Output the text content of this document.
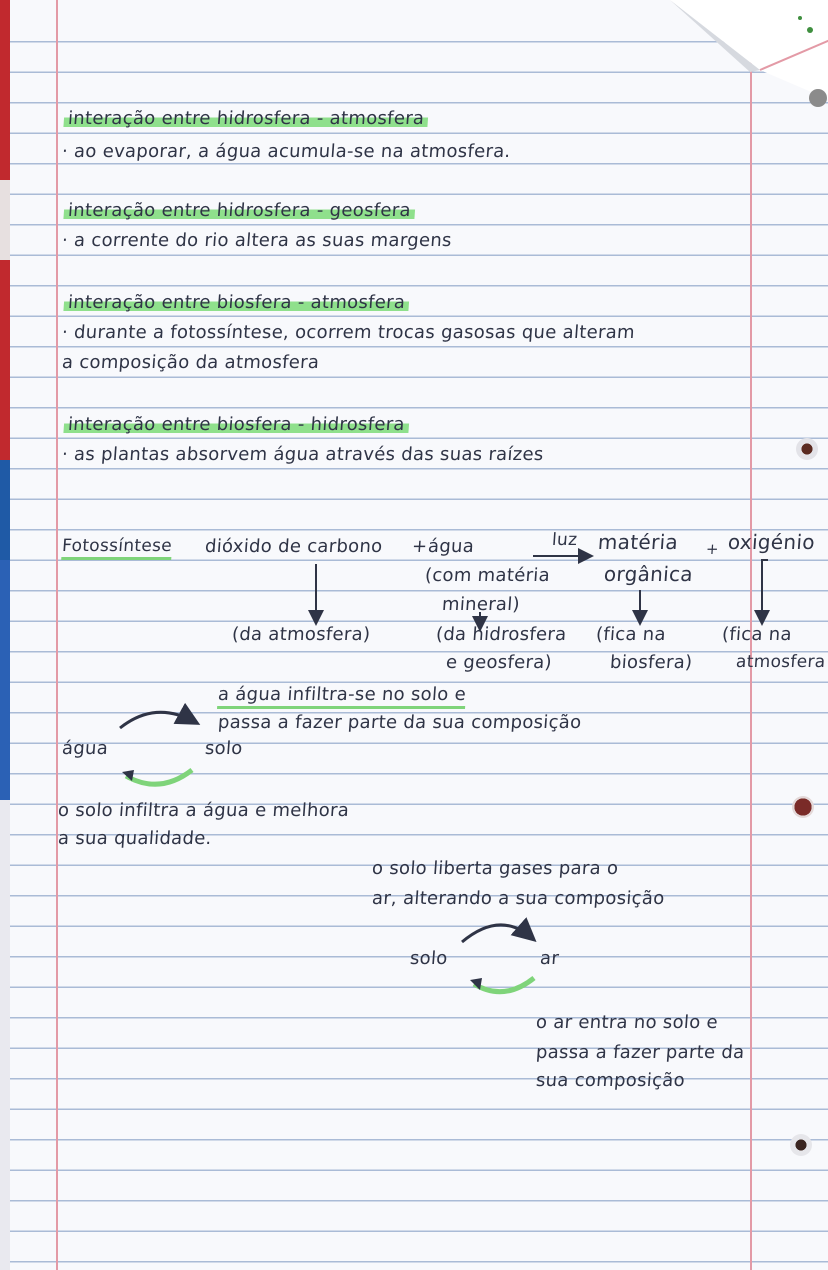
interação entre hidrosfera - atmosfera
· ao evaporar, a água acumula-se na atmosfera.
interação entre hidrosfera - geosfera
· a corrente do rio altera as suas margens
interação entre biosfera - atmosfera
· durante a fotossíntese, ocorrem trocas gasosas que alteram
a composição da atmosfera
interação entre biosfera - hidrosfera
· as plantas absorvem água através das suas raízes
Fotossíntese dióxido de carbono + água	luz matéria
orgânica
+ oxigénio
(com matéria
mineral)
(da atmosfera)	(da hidrosfera
e geosfera)
(fica na
biosfera)
(fica na
atmosfera
a água infiltra-se no solo e
passa a fazer parte da sua composição
água	solo
o solo infiltra a água e melhora
a sua qualidade.
o solo liberta gases para o
ar, alterando a sua composição
solo	ar
o ar entra no solo e
passa a fazer parte da
sua composição
